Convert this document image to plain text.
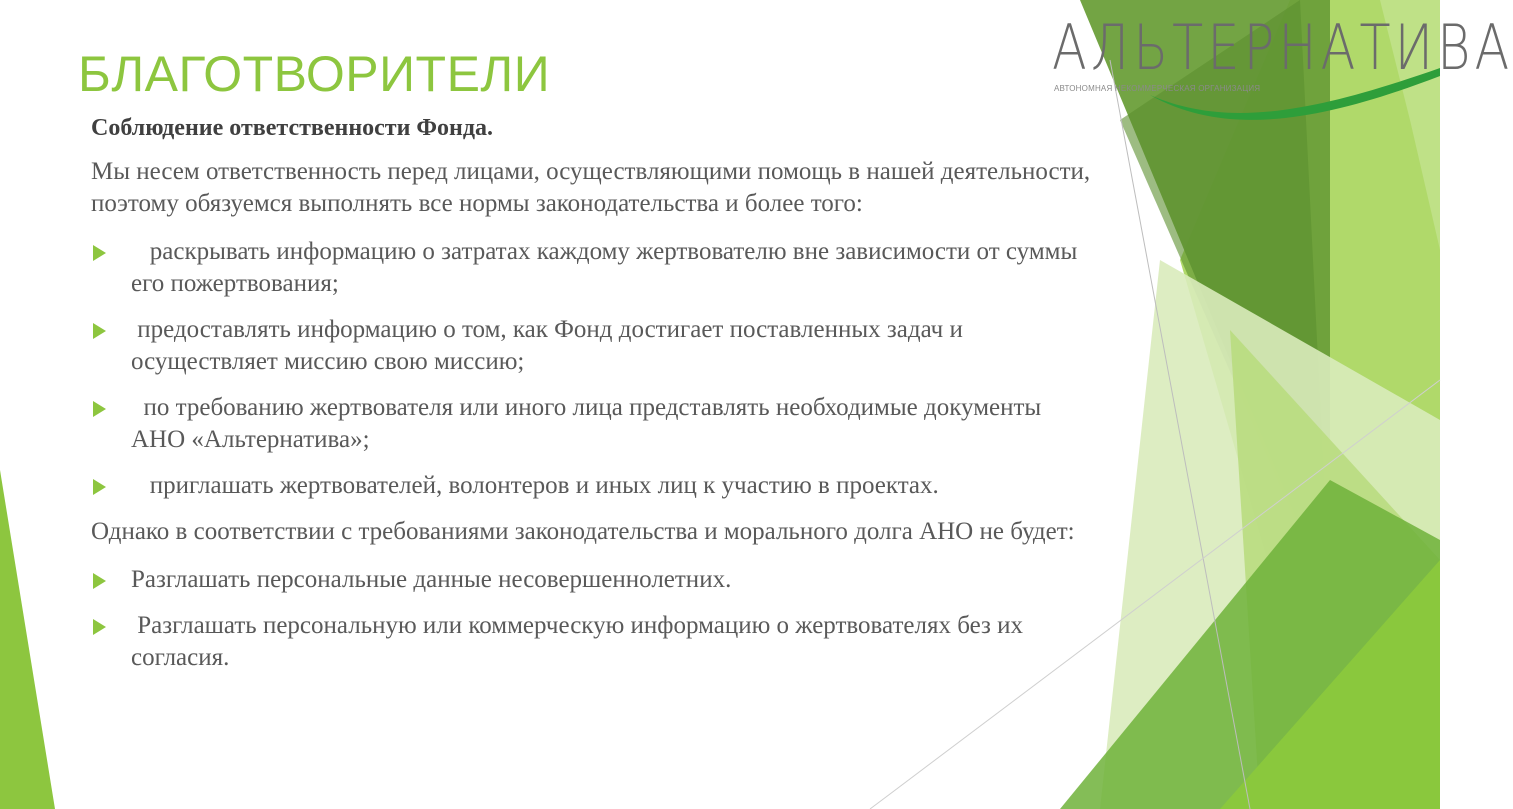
АЛЬТЕРНАТИВА
АВТОНОМНАЯ НЕКОММЕРЧЕСКАЯ ОРГАНИЗАЦИЯ
БЛАГОТВОРИТЕЛИ

Соблюдение ответственности Фонда.

Мы несем ответственность перед лицами, осуществляющими помощь в нашей деятельности, поэтому обязуемся выполнять все нормы законодательства и более того:

раскрывать информацию о затратах каждому жертвователю вне зависимости от суммы его пожертвования;

предоставлять информацию о том, как Фонд достигает поставленных задач и осуществляет миссию свою миссию;

по требованию жертвователя или иного лица представлять необходимые документы АНО «Альтернатива»;

приглашать жертвователей, волонтеров и иных лиц к участию в проектах.

Однако в соответствии с требованиями законодательства и морального долга АНО не будет:

Разглашать персональные данные несовершеннолетних.

Разглашать персональную или коммерческую информацию о жертвователях без их согласия.
